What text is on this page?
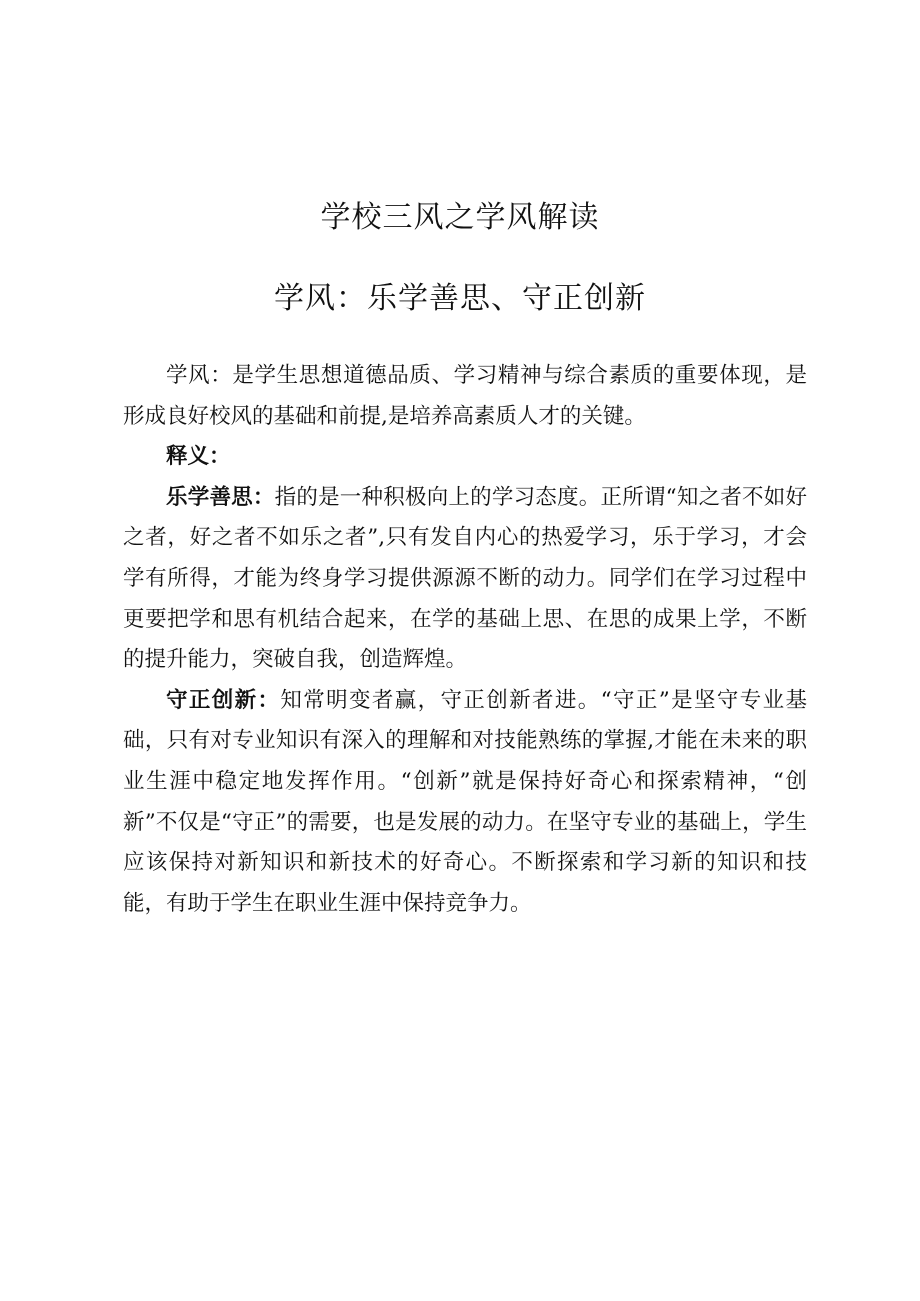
学校三风之学风解读
学风：乐学善思、守正创新

学风：是学生思想道德品质、学习精神与综合素质的重要体现，是形成良好校风的基础和前提,是培养高素质人才的关键。

释义：

乐学善思：指的是一种积极向上的学习态度。正所谓“知之者不如好之者，好之者不如乐之者”,只有发自内心的热爱学习，乐于学习，才会学有所得，才能为终身学习提供源源不断的动力。同学们在学习过程中更要把学和思有机结合起来，在学的基础上思、在思的成果上学，不断的提升能力，突破自我，创造辉煌。

守正创新：知常明变者赢，守正创新者进。“守正”是坚守专业基础，只有对专业知识有深入的理解和对技能熟练的掌握,才能在未来的职业生涯中稳定地发挥作用。“创新”就是保持好奇心和探索精神，“创新”不仅是“守正”的需要，也是发展的动力。在坚守专业的基础上，学生应该保持对新知识和新技术的好奇心。不断探索和学习新的知识和技能，有助于学生在职业生涯中保持竞争力。
